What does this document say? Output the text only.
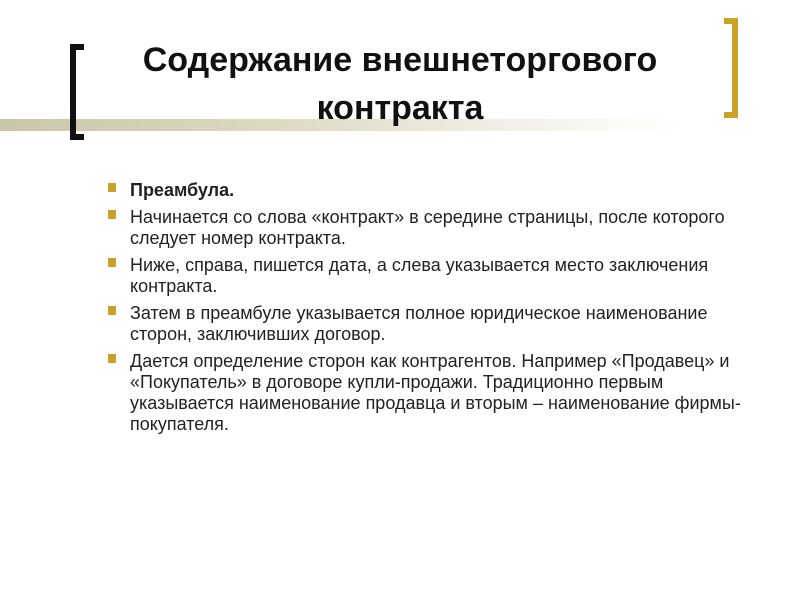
Содержание внешнеторгового контракта
Преамбула.
Начинается со слова «контракт» в середине страницы, после которого следует номер контракта.
Ниже, справа, пишется дата, а слева указывается место заключения контракта.
Затем в преамбуле указывается полное юридическое наименование сторон, заключивших договор.
Дается определение сторон как контрагентов. Например «Продавец» и «Покупатель» в договоре купли-продажи. Традиционно первым указывается наименование продавца и вторым – наименование фирмы-покупателя.
